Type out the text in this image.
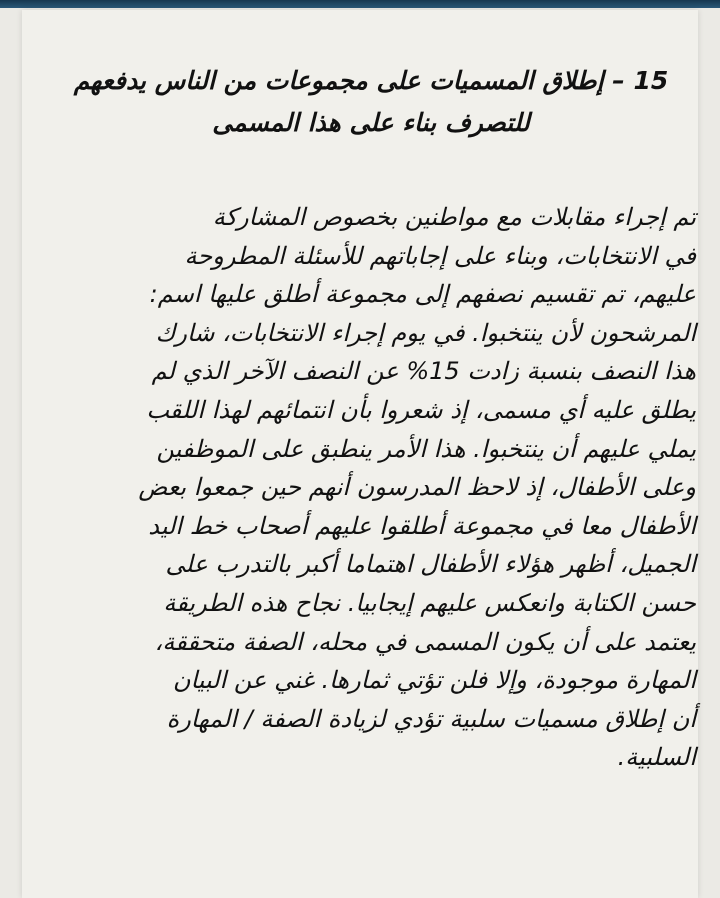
15 – إطلاق المسميات على مجموعات من الناس يدفعهم
للتصرف بناء على هذا المسمى
تم إجراء مقابلات مع مواطنين بخصوص المشاركة
في الانتخابات، وبناء على إجاباتهم للأسئلة المطروحة
عليهم، تم تقسيم نصفهم إلى مجموعة أطلق عليها اسم:
المرشحون لأن ينتخبوا. في يوم إجراء الانتخابات، شارك
هذا النصف بنسبة زادت 15% عن النصف الآخر الذي لم
يطلق عليه أي مسمى، إذ شعروا بأن انتمائهم لهذا اللقب
يملي عليهم أن ينتخبوا. هذا الأمر ينطبق على الموظفين
وعلى الأطفال، إذ لاحظ المدرسون أنهم حين جمعوا بعض
الأطفال معا في مجموعة أطلقوا عليهم أصحاب خط اليد
الجميل، أظهر هؤلاء الأطفال اهتماما أكبر بالتدرب على
حسن الكتابة وانعكس عليهم إيجابيا. نجاح هذه الطريقة
يعتمد على أن يكون المسمى في محله، الصفة متحققة،
المهارة موجودة، وإلا فلن تؤتي ثمارها. غني عن البيان
أن إطلاق مسميات سلبية تؤدي لزيادة الصفة / المهارة
السلبية.
